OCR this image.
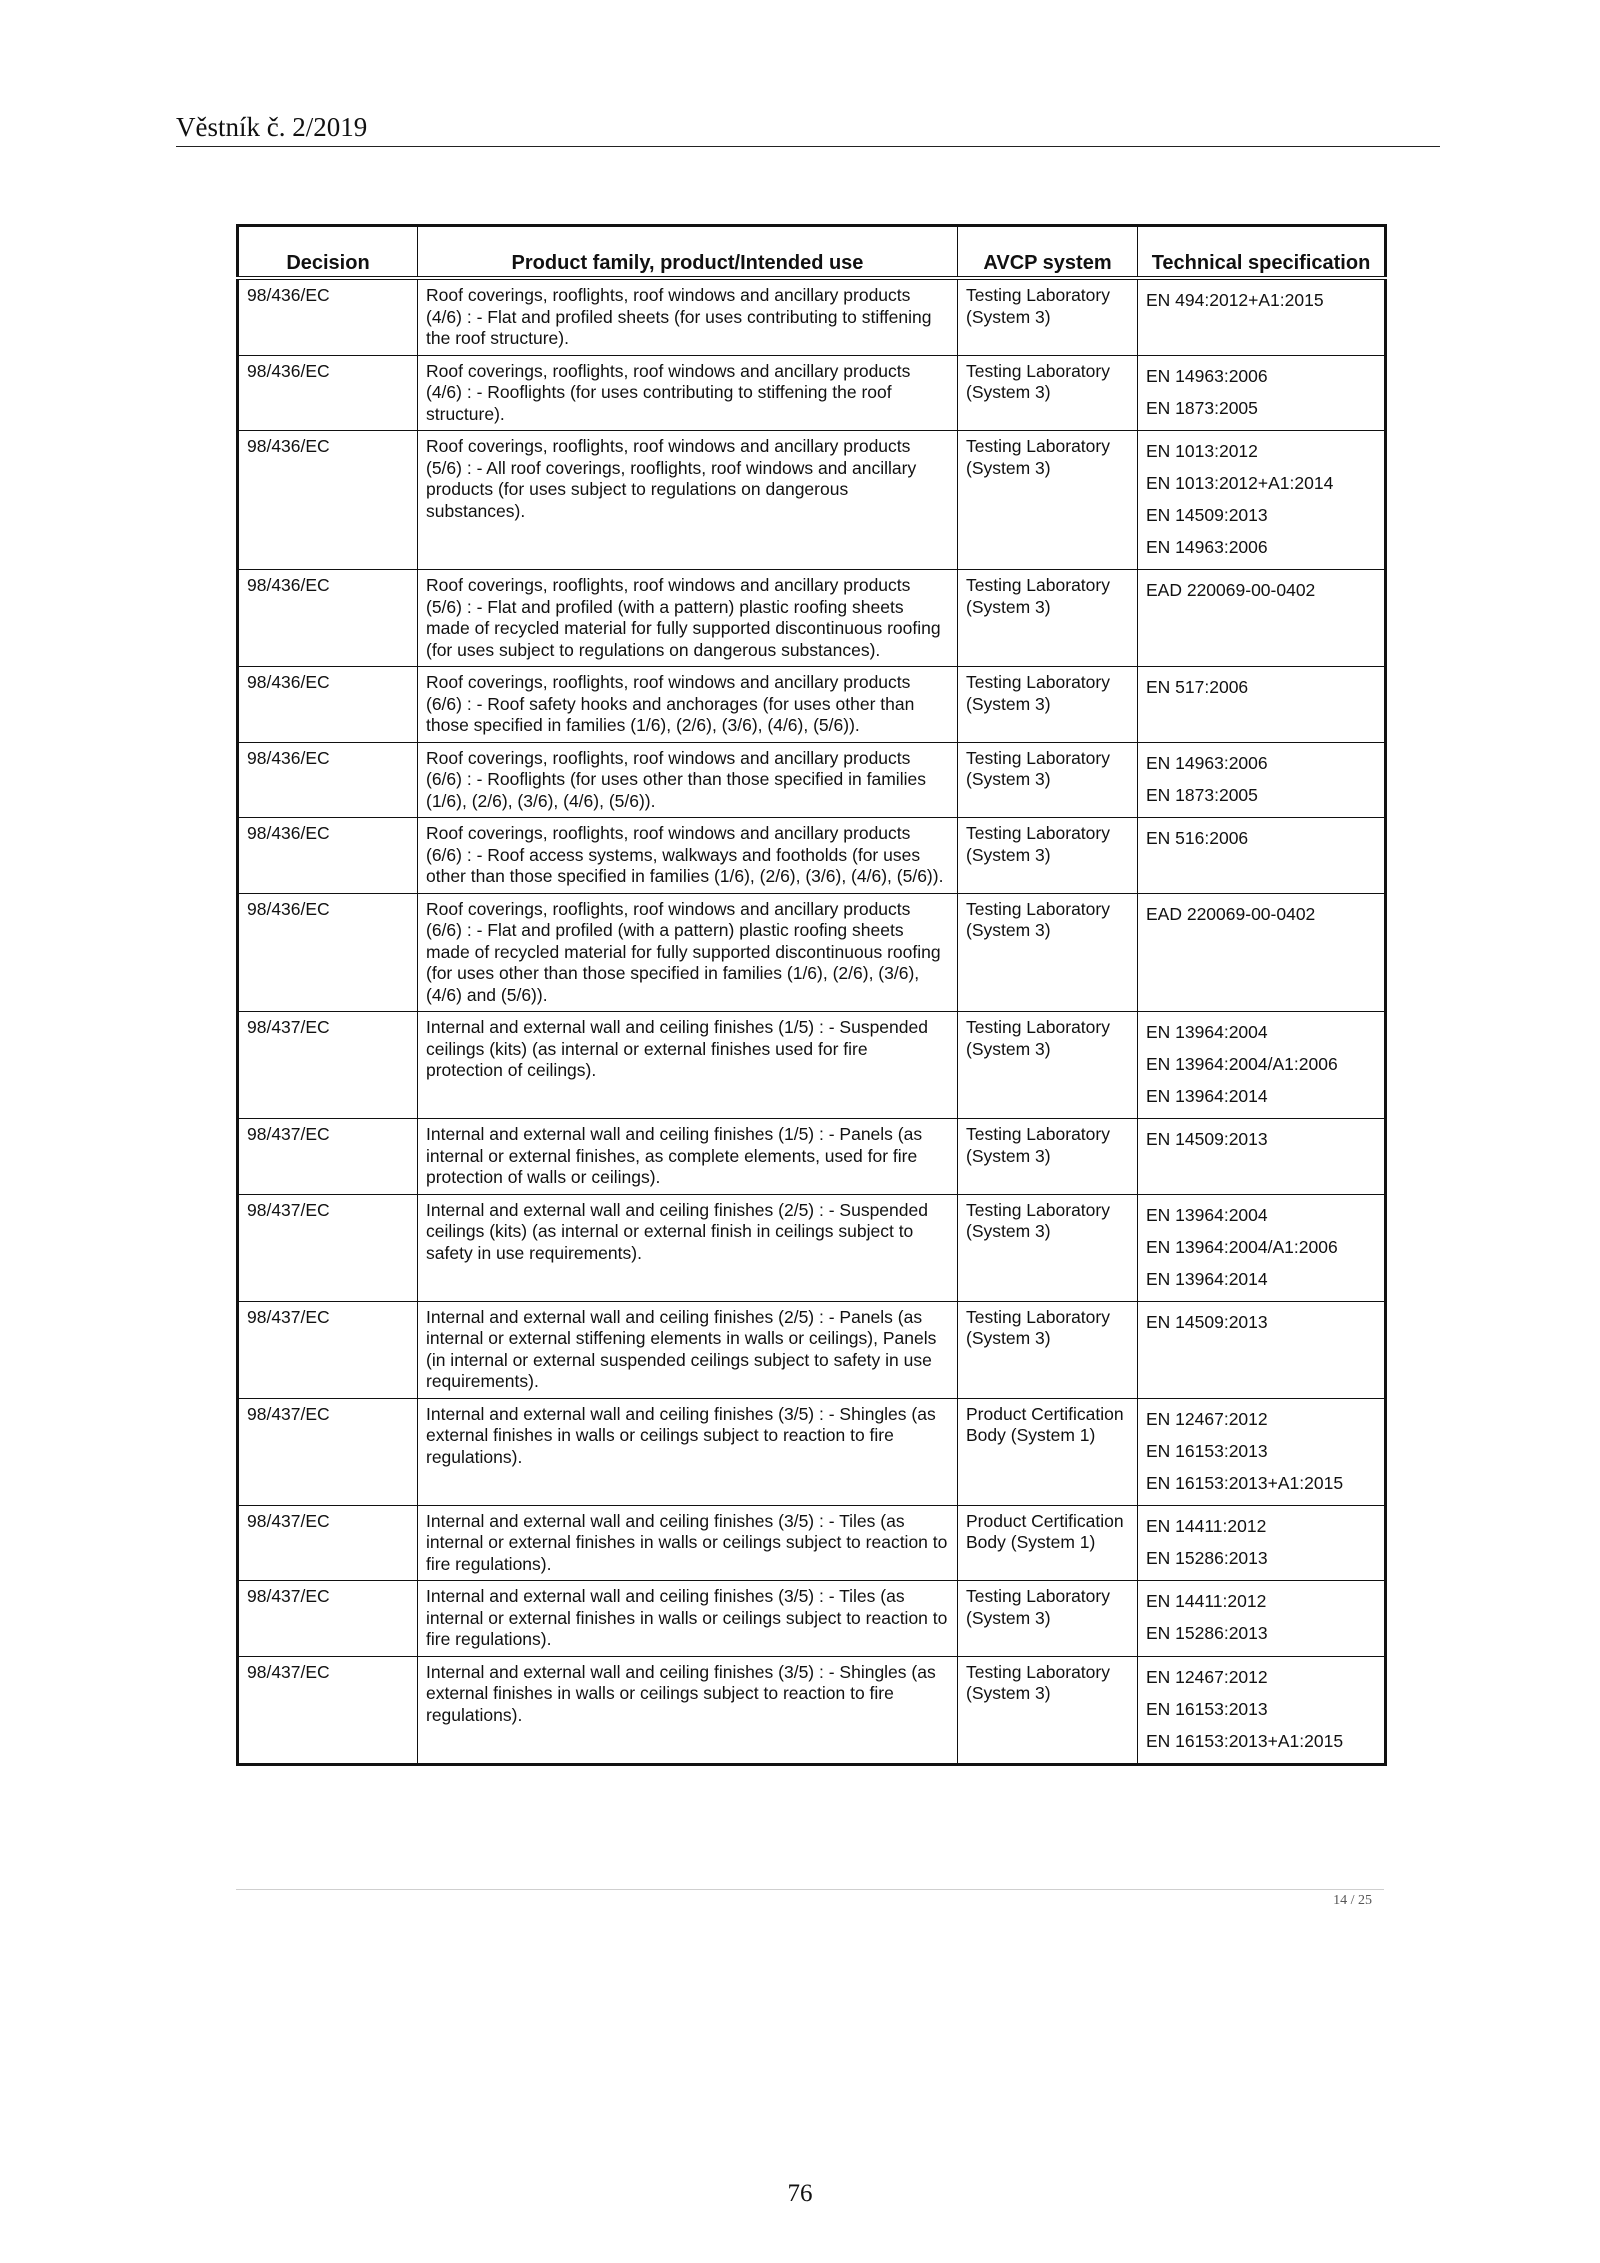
Věstník č. 2/2019
Decision	Product family, product/Intended use	AVCP system	Technical specification
98/436/EC	Roof coverings, rooflights, roof windows and ancillary products (4/6) : - Flat and profiled sheets (for uses contributing to stiffening the roof structure).	Testing Laboratory (System 3)	EN 494:2012+A1:2015

98/436/EC	Roof coverings, rooflights, roof windows and ancillary products (4/6) : - Rooflights (for uses contributing to stiffening the roof structure).	Testing Laboratory (System 3)	EN 14963:2006
EN 1873:2005

98/436/EC	Roof coverings, rooflights, roof windows and ancillary products (5/6) : - All roof coverings, rooflights, roof windows and ancillary products (for uses subject to regulations on dangerous substances).	Testing Laboratory (System 3)	EN 1013:2012
EN 1013:2012+A1:2014
EN 14509:2013
EN 14963:2006

98/436/EC	Roof coverings, rooflights, roof windows and ancillary products (5/6) : - Flat and profiled (with a pattern) plastic roofing sheets made of recycled material for fully supported discontinuous roofing (for uses subject to regulations on dangerous substances).	Testing Laboratory (System 3)	EAD 220069-00-0402

98/436/EC	Roof coverings, rooflights, roof windows and ancillary products (6/6) : - Roof safety hooks and anchorages (for uses other than those specified in families (1/6), (2/6), (3/6), (4/6), (5/6)).	Testing Laboratory (System 3)	EN 517:2006

98/436/EC	Roof coverings, rooflights, roof windows and ancillary products (6/6) : - Rooflights (for uses other than those specified in families (1/6), (2/6), (3/6), (4/6), (5/6)).	Testing Laboratory (System 3)	EN 14963:2006
EN 1873:2005

98/436/EC	Roof coverings, rooflights, roof windows and ancillary products (6/6) : - Roof access systems, walkways and footholds (for uses other than those specified in families (1/6), (2/6), (3/6), (4/6), (5/6)).	Testing Laboratory (System 3)	EN 516:2006

98/436/EC	Roof coverings, rooflights, roof windows and ancillary products (6/6) : - Flat and profiled (with a pattern) plastic roofing sheets made of recycled material for fully supported discontinuous roofing (for uses other than those specified in families (1/6), (2/6), (3/6), (4/6) and (5/6)).	Testing Laboratory (System 3)	EAD 220069-00-0402

98/437/EC	Internal and external wall and ceiling finishes (1/5) : - Suspended ceilings (kits) (as internal or external finishes used for fire protection of ceilings).	Testing Laboratory (System 3)	EN 13964:2004
EN 13964:2004/A1:2006
EN 13964:2014

98/437/EC	Internal and external wall and ceiling finishes (1/5) : - Panels (as internal or external finishes, as complete elements, used for fire protection of walls or ceilings).	Testing Laboratory (System 3)	EN 14509:2013

98/437/EC	Internal and external wall and ceiling finishes (2/5) : - Suspended ceilings (kits) (as internal or external finish in ceilings subject to safety in use requirements).	Testing Laboratory (System 3)	EN 13964:2004
EN 13964:2004/A1:2006
EN 13964:2014

98/437/EC	Internal and external wall and ceiling finishes (2/5) : - Panels (as internal or external stiffening elements in walls or ceilings), Panels (in internal or external suspended ceilings subject to safety in use requirements).	Testing Laboratory (System 3)	EN 14509:2013

98/437/EC	Internal and external wall and ceiling finishes (3/5) : - Shingles (as external finishes in walls or ceilings subject to reaction to fire regulations).	Product Certification Body (System 1)	EN 12467:2012
EN 16153:2013
EN 16153:2013+A1:2015

98/437/EC	Internal and external wall and ceiling finishes (3/5) : - Tiles (as internal or external finishes in walls or ceilings subject to reaction to fire regulations).	Product Certification Body (System 1)	EN 14411:2012
EN 15286:2013

98/437/EC	Internal and external wall and ceiling finishes (3/5) : - Tiles (as internal or external finishes in walls or ceilings subject to reaction to fire regulations).	Testing Laboratory (System 3)	EN 14411:2012
EN 15286:2013

98/437/EC	Internal and external wall and ceiling finishes (3/5) : - Shingles (as external finishes in walls or ceilings subject to reaction to fire regulations).	Testing Laboratory (System 3)	EN 12467:2012
EN 16153:2013
EN 16153:2013+A1:2015
14 / 25
76
